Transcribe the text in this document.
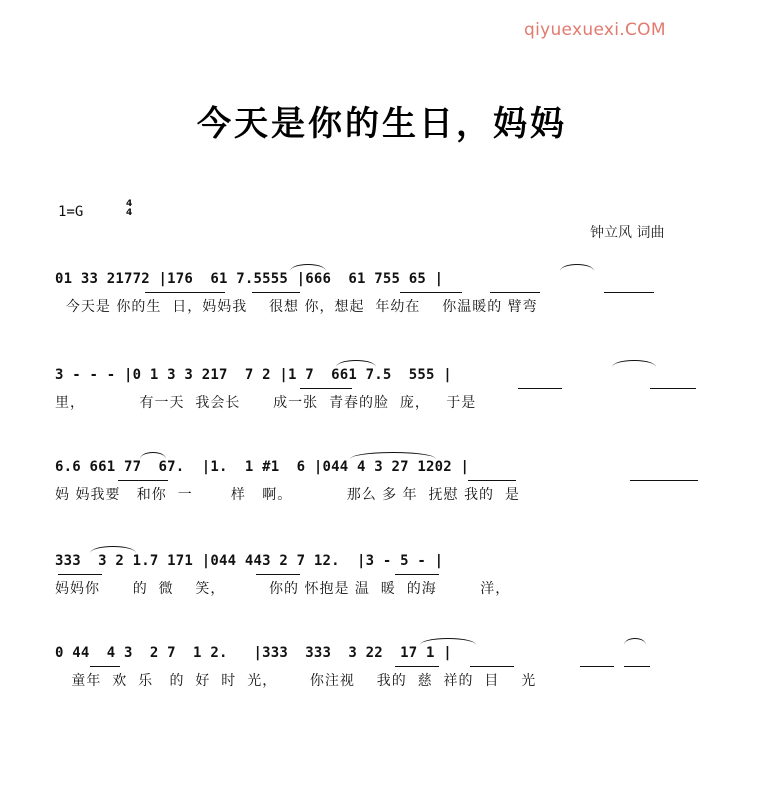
qiyuexuexi.COM
今天是你的生日，妈妈
1=G	4
4
钟立风 词曲
01 33 21772 |176  61 7.5555 |666  61 755 65 |
今天是 你的生  日，妈妈我    很想 你，想起  年幼在    你温暖的 臂弯
3 - - - |0 1 3 3 217  7 2 |1 7  661 7.5  555 |
里，          有一天  我会长      成一张  青春的脸  庞，   于是
6.6 661 77  67.  |1.  1 #1  6 |044 4 3 27 1202 |
妈 妈我要   和你  一       样   啊。          那么 多 年  抚慰 我的  是
333  3 2 1.7 171 |044 443 2 7 12.  |3 - 5 - |
妈妈你      的  微    笑，        你的 怀抱是 温  暖  的海        洋，
0 44  4 3  2 7  1 2.   |333  333  3 22  17 1 |
童年  欢  乐   的  好  时  光，      你注视    我的  慈  祥的  目    光
